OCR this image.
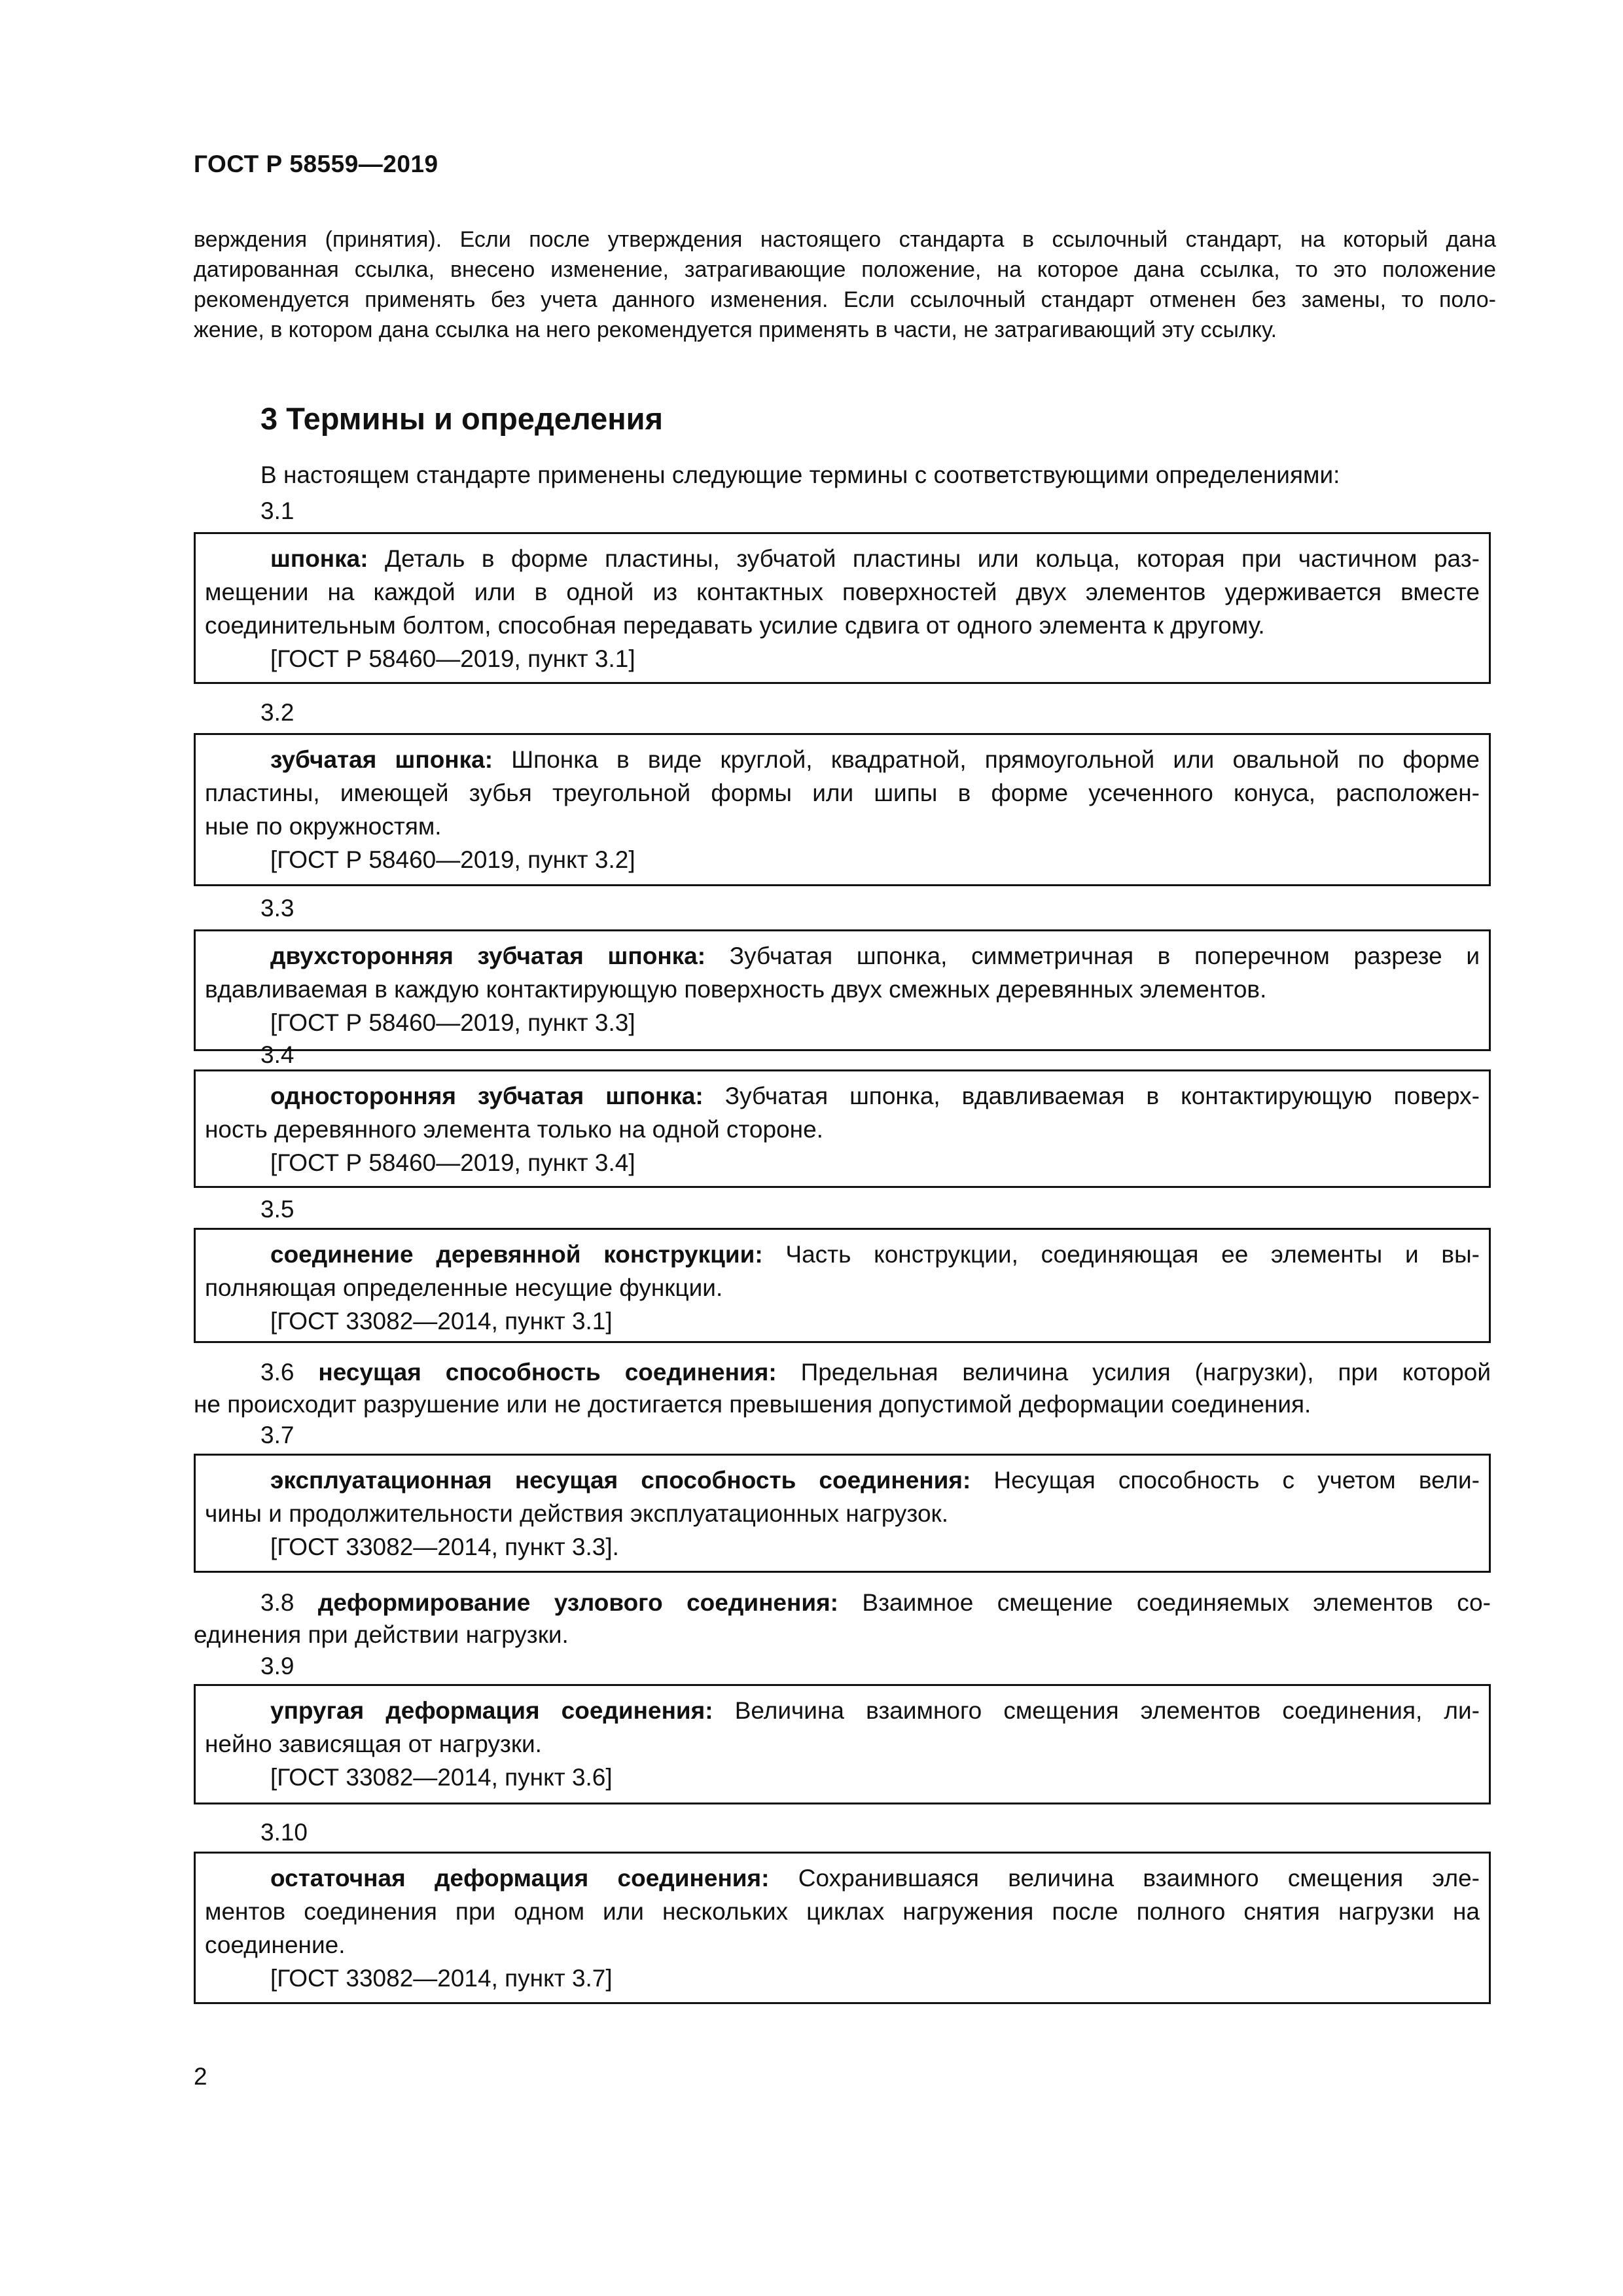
ГОСТ Р 58559—2019
верждения (принятия). Если после утверждения настоящего стандарта в ссылочный стандарт, на который дана
датированная ссылка, внесено изменение, затрагивающие положение, на которое дана ссылка, то это положение
рекомендуется применять без учета данного изменения. Если ссылочный стандарт отменен без замены, то поло-
жение, в котором дана ссылка на него рекомендуется применять в части, не затрагивающий эту ссылку.
3 Термины и определения
В настоящем стандарте применены следующие термины с соответствующими определениями:
3.1
шпонка: Деталь в форме пластины, зубчатой пластины или кольца, которая при частичном раз-
мещении на каждой или в одной из контактных поверхностей двух элементов удерживается вместе
соединительным болтом, способная передавать усилие сдвига от одного элемента к другому.
[ГОСТ Р 58460—2019, пункт 3.1]
3.2
зубчатая шпонка: Шпонка в виде круглой, квадратной, прямоугольной или овальной по форме
пластины, имеющей зубья треугольной формы или шипы в форме усеченного конуса, расположен-
ные по окружностям.
[ГОСТ Р 58460—2019, пункт 3.2]
3.3
двухсторонняя зубчатая шпонка: Зубчатая шпонка, симметричная в поперечном разрезе и
вдавливаемая в каждую контактирующую поверхность двух смежных деревянных элементов.
[ГОСТ Р 58460—2019, пункт 3.3]
3.4
односторонняя зубчатая шпонка: Зубчатая шпонка, вдавливаемая в контактирующую поверх-
ность деревянного элемента только на одной стороне.
[ГОСТ Р 58460—2019, пункт 3.4]
3.5
соединение деревянной конструкции: Часть конструкции, соединяющая ее элементы и вы-
полняющая определенные несущие функции.
[ГОСТ 33082—2014, пункт 3.1]
3.6 несущая способность соединения: Предельная величина усилия (нагрузки), при которой
не происходит разрушение или не достигается превышения допустимой деформации соединения.
3.7
эксплуатационная несущая способность соединения: Несущая способность с учетом вели-
чины и продолжительности действия эксплуатационных нагрузок.
[ГОСТ 33082—2014, пункт 3.3].
3.8 деформирование узлового соединения: Взаимное смещение соединяемых элементов со-
единения при действии нагрузки.
3.9
упругая деформация соединения: Величина взаимного смещения элементов соединения, ли-
нейно зависящая от нагрузки.
[ГОСТ 33082—2014, пункт 3.6]
3.10
остаточная деформация соединения: Сохранившаяся величина взаимного смещения эле-
ментов соединения при одном или нескольких циклах нагружения после полного снятия нагрузки на
соединение.
[ГОСТ 33082—2014, пункт 3.7]
2
